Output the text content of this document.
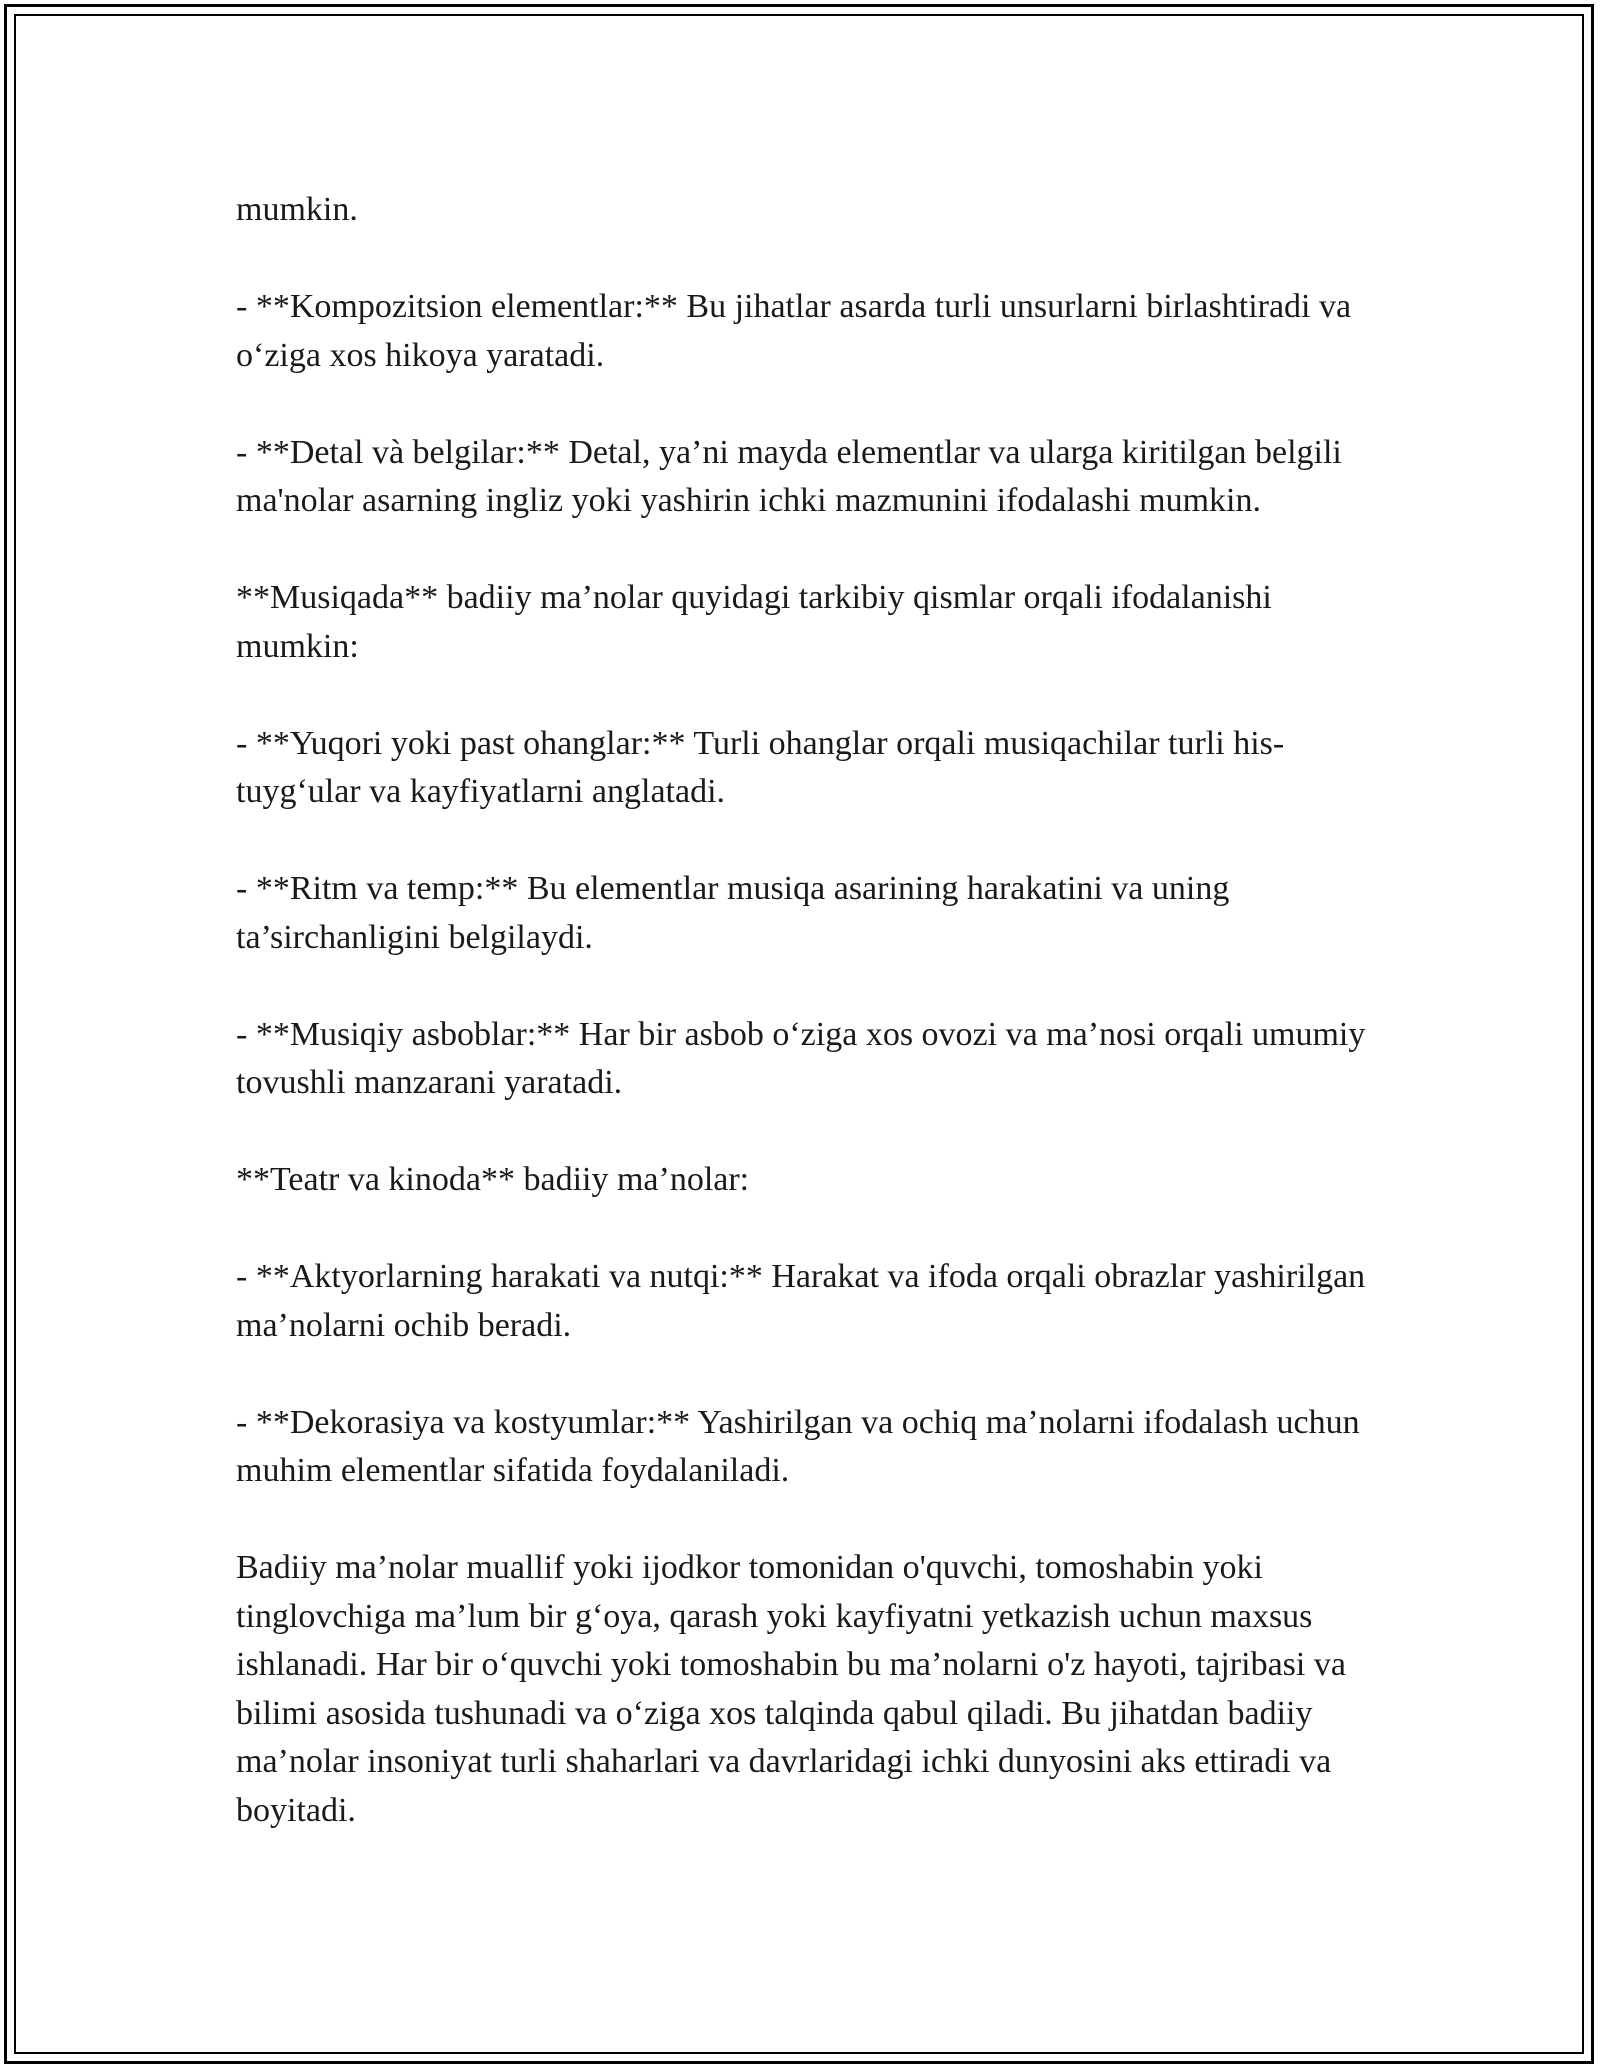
mumkin.

- **Kompozitsion elementlar:** Bu jihatlar asarda turli unsurlarni birlashtiradi va o‘ziga xos hikoya yaratadi.

- **Detal và belgilar:** Detal, ya’ni mayda elementlar va ularga kiritilgan belgili ma'nolar asarning ingliz yoki yashirin ichki mazmunini ifodalashi mumkin.

**Musiqada** badiiy ma’nolar quyidagi tarkibiy qismlar orqali ifodalanishi mumkin:

- **Yuqori yoki past ohanglar:** Turli ohanglar orqali musiqachilar turli his-tuyg‘ular va kayfiyatlarni anglatadi.

- **Ritm va temp:** Bu elementlar musiqa asarining harakatini va uning ta’sirchanligini belgilaydi.

- **Musiqiy asboblar:** Har bir asbob o‘ziga xos ovozi va ma’nosi orqali umumiy tovushli manzarani yaratadi.

**Teatr va kinoda** badiiy ma’nolar:

- **Aktyorlarning harakati va nutqi:** Harakat va ifoda orqali obrazlar yashirilgan ma’nolarni ochib beradi.

- **Dekorasiya va kostyumlar:** Yashirilgan va ochiq ma’nolarni ifodalash uchun muhim elementlar sifatida foydalaniladi.

Badiiy ma’nolar muallif yoki ijodkor tomonidan o'quvchi, tomoshabin yoki tinglovchiga ma’lum bir g‘oya, qarash yoki kayfiyatni yetkazish uchun maxsus ishlanadi. Har bir o‘quvchi yoki tomoshabin bu ma’nolarni o'z hayoti, tajribasi va bilimi asosida tushunadi va o‘ziga xos talqinda qabul qiladi. Bu jihatdan badiiy ma’nolar insoniyat turli shaharlari va davrlaridagi ichki dunyosini aks ettiradi va boyitadi.
